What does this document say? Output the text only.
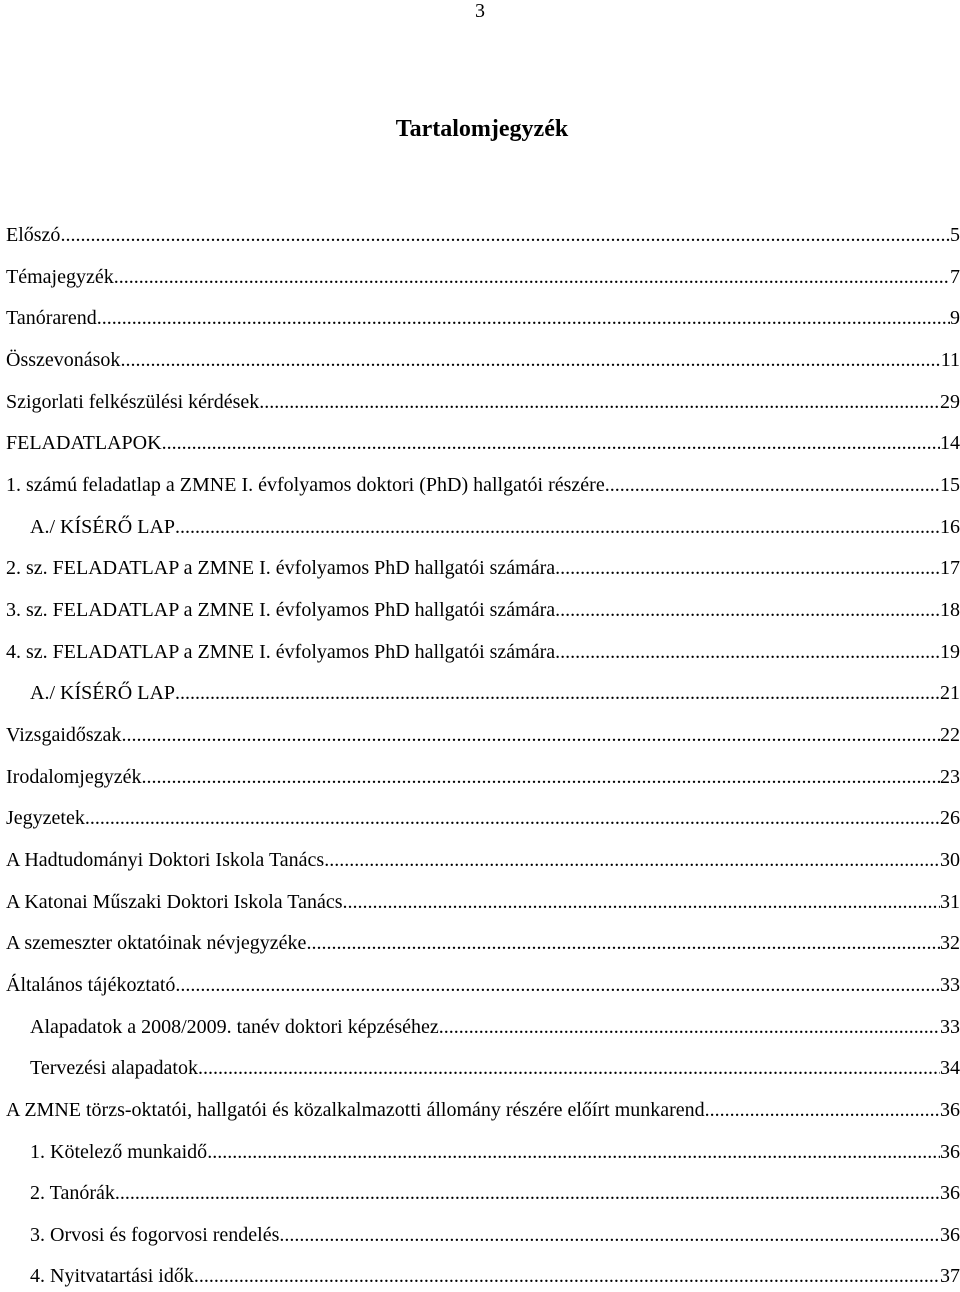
3
Tartalomjegyzék
Előszó .....	5
Témajegyzék .....	7
Tanórarend .....	9
Összevonások .....	11
Szigorlati felkészülési kérdések .....	29
FELADATLAPOK .....	14
1. számú feladatlap a ZMNE I. évfolyamos doktori (PhD) hallgatói részére .....	15
A./ KÍSÉRŐ LAP .....	16
2. sz. FELADATLAP a ZMNE I. évfolyamos PhD hallgatói számára .....	17
3. sz. FELADATLAP a ZMNE I. évfolyamos PhD hallgatói számára .....	18
4. sz. FELADATLAP a ZMNE I. évfolyamos PhD hallgatói számára .....	19
A./ KÍSÉRŐ LAP .....	21
Vizsgaidőszak .....	22
Irodalomjegyzék .....	23
Jegyzetek .....	26
A Hadtudományi Doktori Iskola Tanács .....	30
A Katonai Műszaki Doktori Iskola Tanács .....	31
A szemeszter oktatóinak névjegyzéke .....	32
Általános tájékoztató .....	33
Alapadatok a 2008/2009. tanév doktori képzéséhez .....	33
Tervezési alapadatok .....	34
A ZMNE törzs-oktatói, hallgatói és közalkalmazotti állomány részére előírt munkarend .....	36
1. Kötelező munkaidő .....	36
2. Tanórák .....	36
3. Orvosi és fogorvosi rendelés .....	36
4. Nyitvatartási idők .....	37
